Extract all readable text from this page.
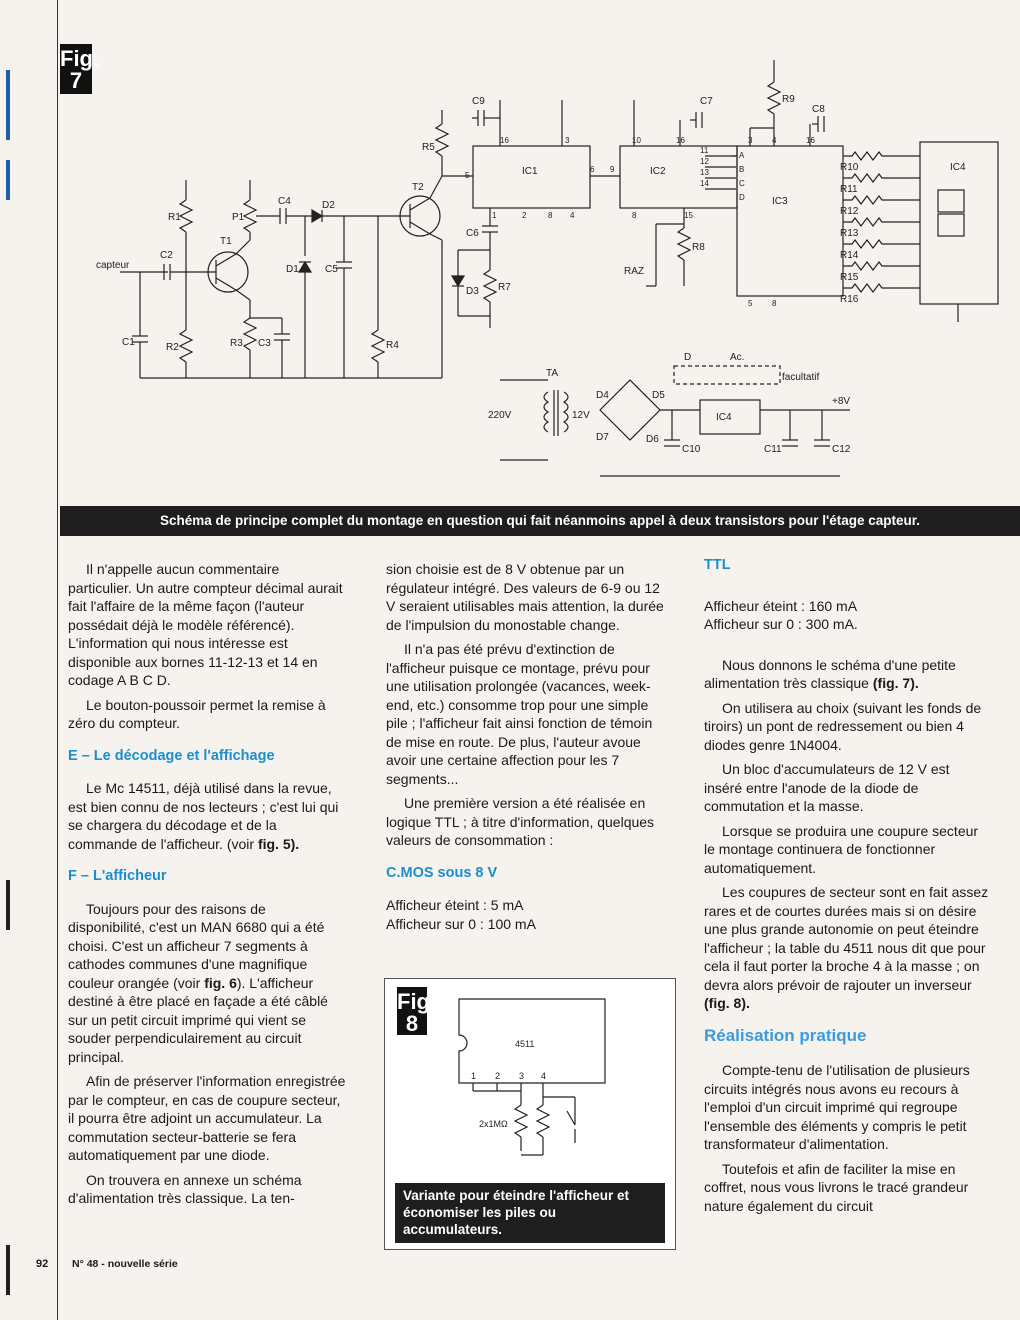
Fig.
7
capteur
C1
C2
R1
R2
T1
P1
C4	D2
D1	C5
R3 C3	R4
T2
R5
IC1
5
16	3
1	2	8 4
C9
C6
D3 R7
6 9	IC2
10	16
8	15
C7
12
13
14
11
R8
RAZ
IC3
A
B
C
D
3 4	16
5 8
R9
C8
R10
R11
R12
R13
R14
R15
R16
IC4
220V
TA
12V
D4	D5
D7	D6
C10
IC4
+8V
C11	C12
D	Ac.
facultatif
Schéma de principe complet du montage en question qui fait néanmoins appel à deux transistors pour l'étage capteur.

Il n'appelle aucun commentaire particulier. Un autre compteur décimal aurait fait l'affaire de la même façon (l'auteur possédait déjà le modèle référencé). L'information qui nous intéresse est disponible aux bornes 11-12-13 et 14 en codage A B C D.

Le bouton-poussoir permet la remise à zéro du compteur.

E – Le décodage et l'affichage

Le Mc 14511, déjà utilisé dans la revue, est bien connu de nos lecteurs ; c'est lui qui se chargera du décodage et de la commande de l'afficheur. (voir fig. 5).

F – L'afficheur

Toujours pour des raisons de disponibilité, c'est un MAN 6680 qui a été choisi. C'est un afficheur 7 segments à cathodes communes d'une magnifique couleur orangée (voir fig. 6). L'afficheur destiné à être placé en façade a été câblé sur un petit circuit imprimé qui vient se souder perpendiculairement au circuit principal.

Afin de préserver l'information enregistrée par le compteur, en cas de coupure secteur, il pourra être adjoint un accumulateur. La commutation secteur-batterie se fera automatiquement par une diode.

On trouvera en annexe un schéma d'alimentation très classique. La ten-

sion choisie est de 8 V obtenue par un régulateur intégré. Des valeurs de 6-9 ou 12 V seraient utilisables mais attention, la durée de l'impulsion du monostable change.

Il n'a pas été prévu d'extinction de l'afficheur puisque ce montage, prévu pour une utilisation prolongée (vacances, week-end, etc.) consomme trop pour une simple pile ; l'afficheur fait ainsi fonction de témoin de mise en route. De plus, l'auteur avoue avoir une certaine affection pour les 7 segments...

Une première version a été réalisée en logique TTL ; à titre d'information, quelques valeurs de consommation :

C.MOS sous 8 V

Afficheur éteint : 5 mA

Afficheur sur 0 : 100 mA

Fig.
8
4511
1 2 3 4
2x1MΩ
Variante pour éteindre l'afficheur et économiser les piles ou accumulateurs.
TTL

Afficheur éteint : 160 mA

Afficheur sur 0 : 300 mA.

Nous donnons le schéma d'une petite alimentation très classique (fig. 7).

On utilisera au choix (suivant les fonds de tiroirs) un pont de redressement ou bien 4 diodes genre 1N4004.

Un bloc d'accumulateurs de 12 V est inséré entre l'anode de la diode de commutation et la masse.

Lorsque se produira une coupure secteur le montage continuera de fonctionner automatiquement.

Les coupures de secteur sont en fait assez rares et de courtes durées mais si on désire une plus grande autonomie on peut éteindre l'afficheur ; la table du 4511 nous dit que pour cela il faut porter la broche 4 à la masse ; on devra alors prévoir de rajouter un inverseur (fig. 8).

Réalisation pratique

Compte-tenu de l'utilisation de plusieurs circuits intégrés nous avons eu recours à l'emploi d'un circuit imprimé qui regroupe l'ensemble des éléments y compris le petit transformateur d'alimentation.

Toutefois et afin de faciliter la mise en coffret, nous vous livrons le tracé grandeur nature également du circuit

92 N° 48 - nouvelle série
